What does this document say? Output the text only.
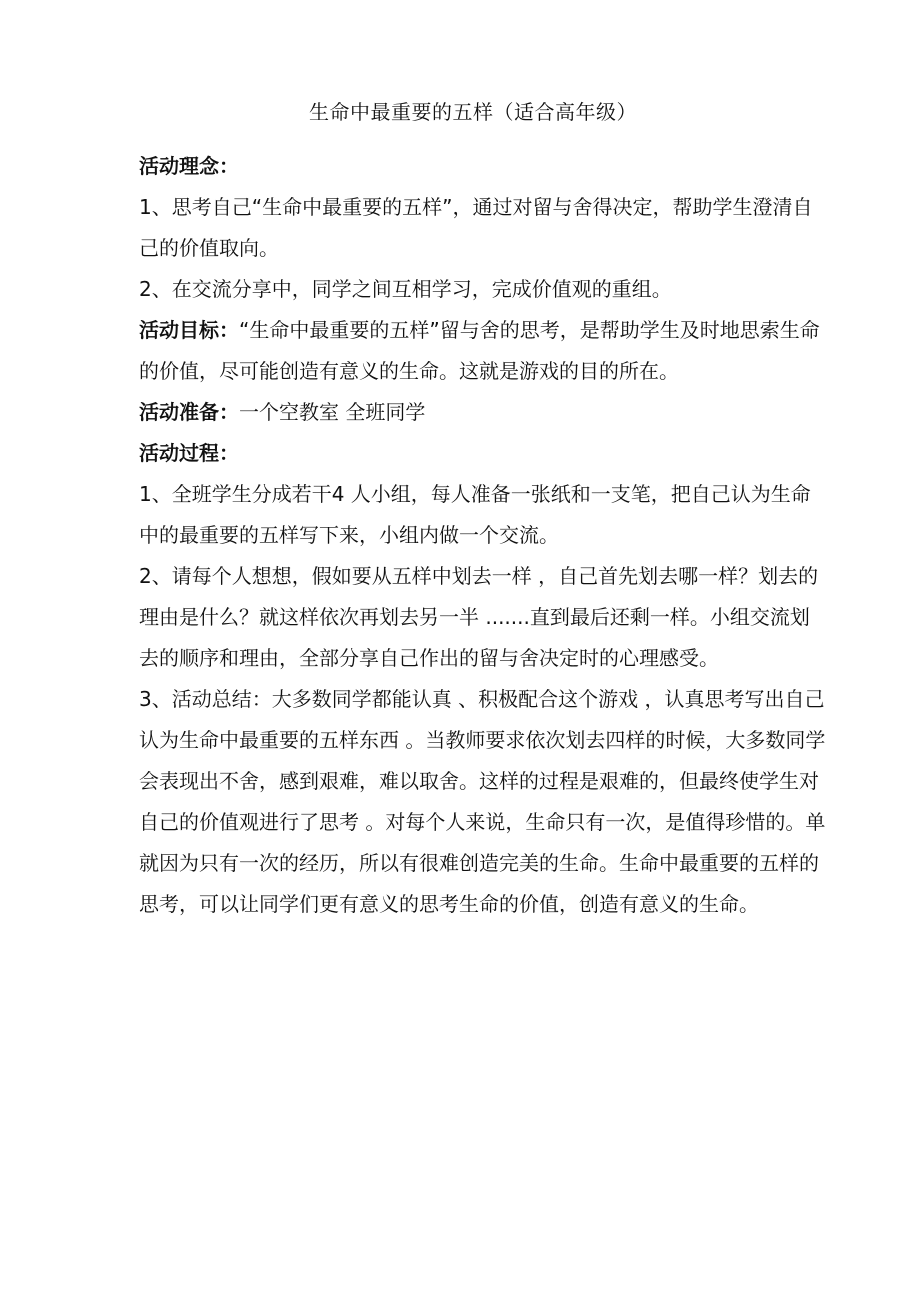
生命中最重要的五样（适合高年级）

活动理念：

1、思考自己“生命中最重要的五样”，通过对留与舍得决定，帮助学生澄清自己的价值取向。

2、在交流分享中，同学之间互相学习，完成价值观的重组。

活动目标：“生命中最重要的五样”留与舍的思考，是帮助学生及时地思索生命的价值，尽可能创造有意义的生命。这就是游戏的目的所在。

活动准备：一个空教室 全班同学

活动过程：

1、全班学生分成若干4 人小组，每人准备一张纸和一支笔，把自己认为生命中的最重要的五样写下来，小组内做一个交流。

2、请每个人想想，假如要从五样中划去一样 ，自己首先划去哪一样？划去的理由是什么？就这样依次再划去另一半 .......直到最后还剩一样。小组交流划去的顺序和理由，全部分享自己作出的留与舍决定时的心理感受。

3、活动总结：大多数同学都能认真 、积极配合这个游戏 ，认真思考写出自己认为生命中最重要的五样东西 。当教师要求依次划去四样的时候，大多数同学会表现出不舍，感到艰难，难以取舍。这样的过程是艰难的，但最终使学生对自己的价值观进行了思考 。对每个人来说，生命只有一次，是值得珍惜的。单就因为只有一次的经历，所以有很难创造完美的生命。生命中最重要的五样的思考，可以让同学们更有意义的思考生命的价值，创造有意义的生命。
